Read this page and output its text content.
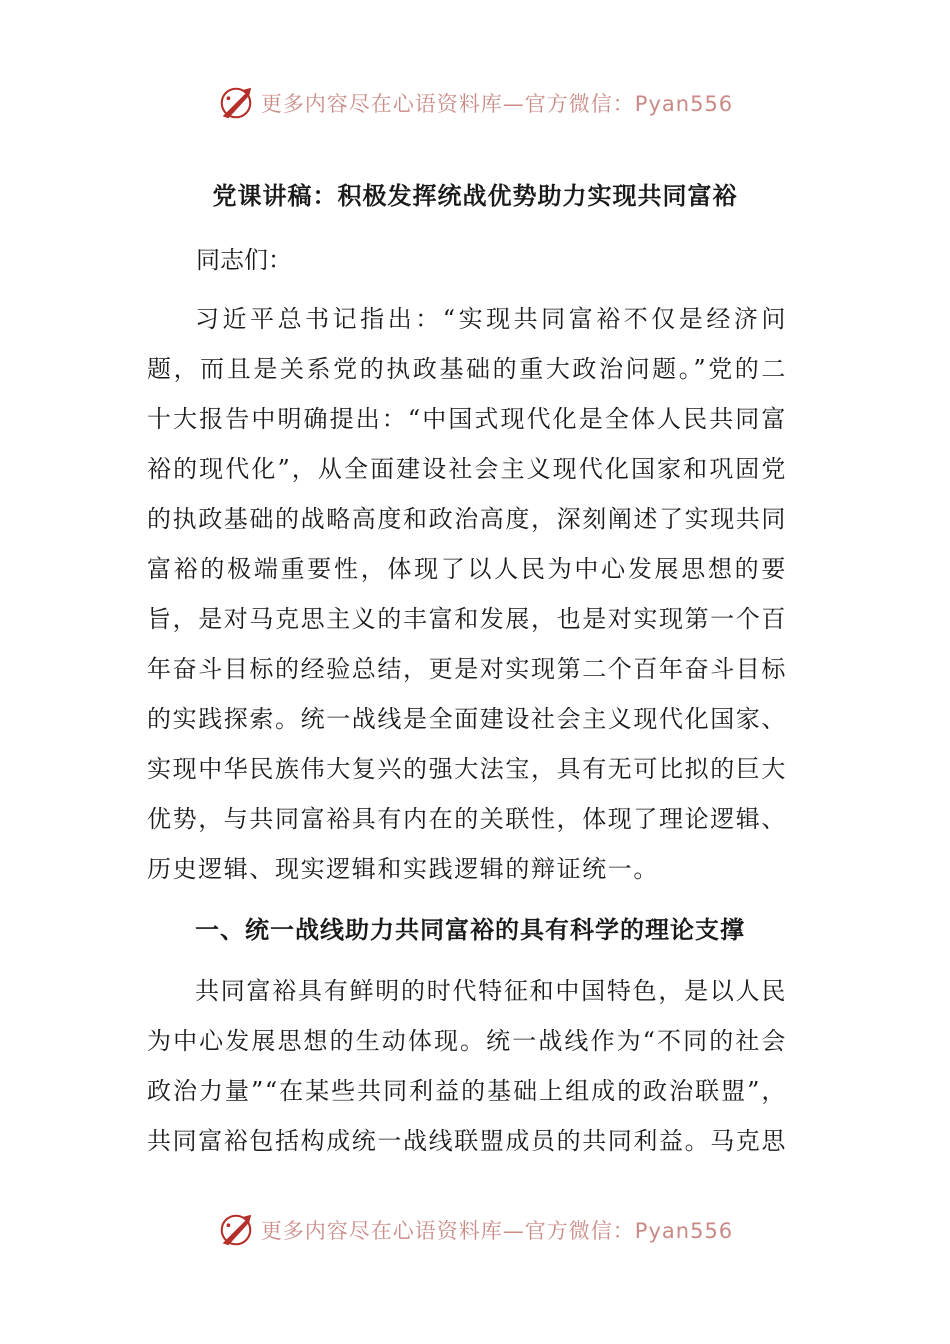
更多内容尽在心语资料库—官方微信：Pyan556
党课讲稿：积极发挥统战优势助力实现共同富裕

同志们：

习近平总书记指出：“实现共同富裕不仅是经济问题，而且是关系党的执政基础的重大政治问题。”党的二十大报告中明确提出：“中国式现代化是全体人民共同富裕的现代化”，从全面建设社会主义现代化国家和巩固党的执政基础的战略高度和政治高度，深刻阐述了实现共同富裕的极端重要性，体现了以人民为中心发展思想的要旨，是对马克思主义的丰富和发展，也是对实现第一个百年奋斗目标的经验总结，更是对实现第二个百年奋斗目标的实践探索。统一战线是全面建设社会主义现代化国家、实现中华民族伟大复兴的强大法宝，具有无可比拟的巨大优势，与共同富裕具有内在的关联性，体现了理论逻辑、历史逻辑、现实逻辑和实践逻辑的辩证统一。

一、统一战线助力共同富裕的具有科学的理论支撑

共同富裕具有鲜明的时代特征和中国特色，是以人民为中心发展思想的生动体现。统一战线作为“不同的社会政治力量”“在某些共同利益的基础上组成的政治联盟”，共同富裕包括构成统一战线联盟成员的共同利益。马克思

更多内容尽在心语资料库—官方微信：Pyan556
